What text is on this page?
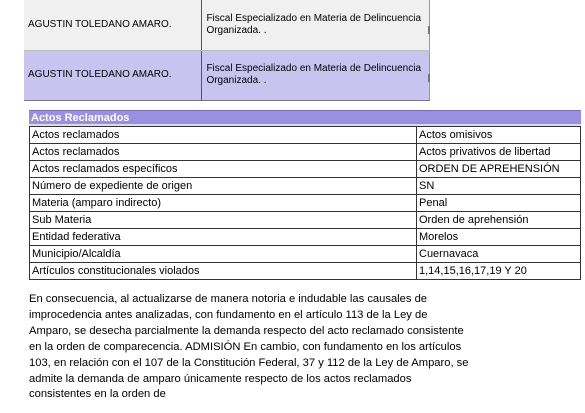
AGUSTIN TOLEDANO AMARO.	Fiscal Especializado en Materia de Delincuencia Organizada. .
AGUSTIN TOLEDANO AMARO.	Fiscal Especializado en Materia de Delincuencia Organizada. .
Actos Reclamados
Actos reclamados	Actos omisivos
Actos reclamados	Actos privativos de libertad
Actos reclamados específicos	ORDEN DE APREHENSIÓN
Número de expediente de origen	SN
Materia (amparo indirecto)	Penal
Sub Materia	Orden de aprehensión
Entidad federativa	Morelos
Municipio/Alcaldía	Cuernavaca
Artículos constitucionales violados	1,14,15,16,17,19 Y 20

En consecuencia, al actualizarse de manera notoria e indudable las causales de improcedencia antes analizadas, con fundamento en el artículo 113 de la Ley de Amparo, se desecha parcialmente la demanda respecto del acto reclamado consistente en la orden de comparecencia. ADMISIÓN En cambio, con fundamento en los artículos 103, en relación con el 107 de la Constitución Federal, 37 y 112 de la Ley de Amparo, se admite la demanda de amparo únicamente respecto de los actos reclamados consistentes en la orden de
